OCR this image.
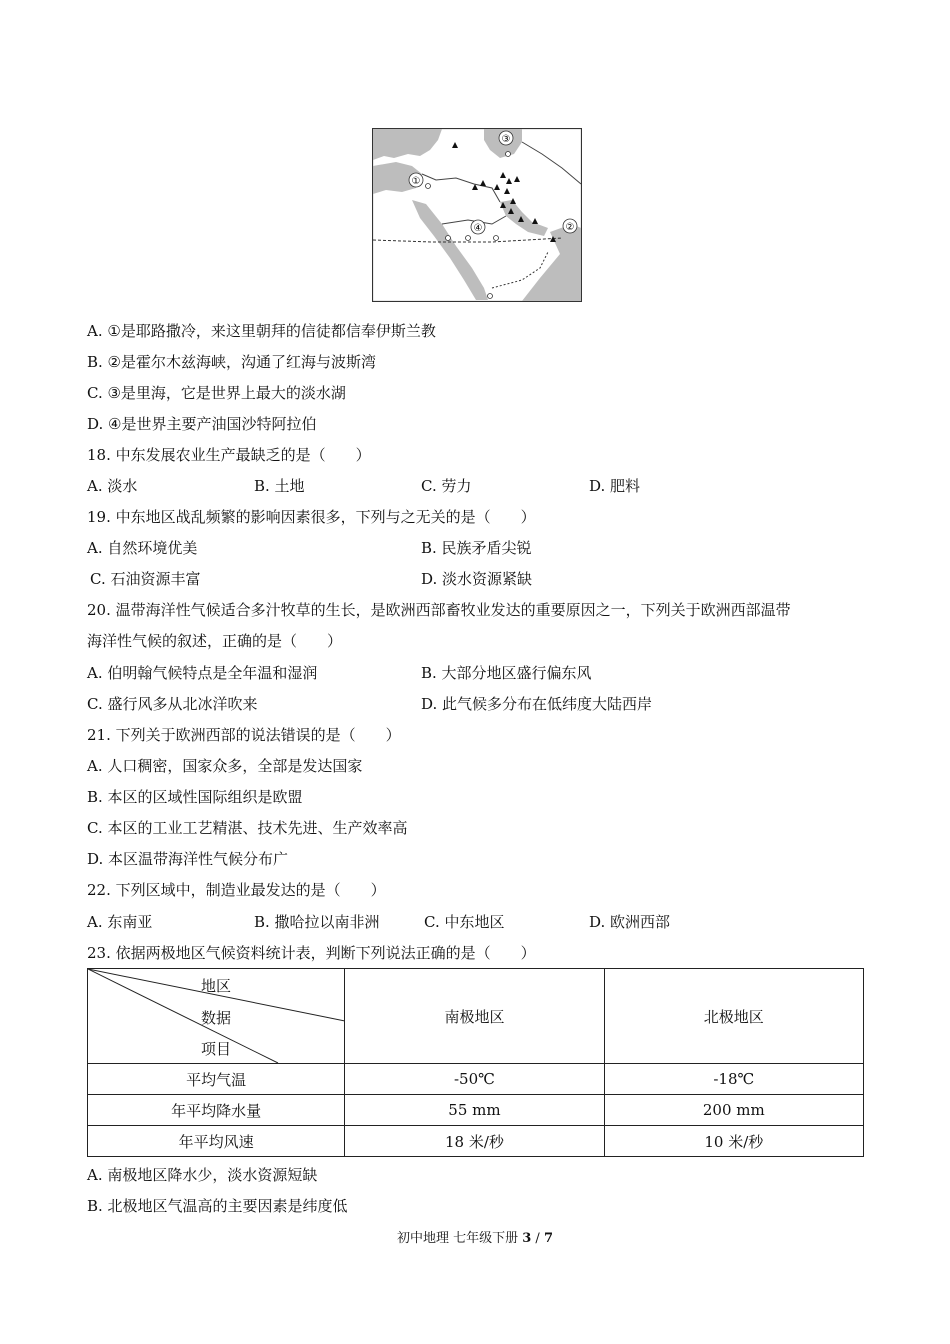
①
②
③
④
A. ①是耶路撒冷，来这里朝拜的信徒都信奉伊斯兰教
B. ②是霍尔木兹海峡，沟通了红海与波斯湾
C. ③是里海，它是世界上最大的淡水湖
D. ④是世界主要产油国沙特阿拉伯
18. 中东发展农业生产最缺乏的是（　　）
A. 淡水	B. 土地	C. 劳力	D. 肥料
19. 中东地区战乱频繁的影响因素很多，下列与之无关的是（　　）
A. 自然环境优美	B. 民族矛盾尖锐
C. 石油资源丰富	D. 淡水资源紧缺
20. 温带海洋性气候适合多汁牧草的生长，是欧洲西部畜牧业发达的重要原因之一，下列关于欧洲西部温带
海洋性气候的叙述，正确的是（　　）
A. 伯明翰气候特点是全年温和湿润	B. 大部分地区盛行偏东风
C. 盛行风多从北冰洋吹来	D. 此气候多分布在低纬度大陆西岸
21. 下列关于欧洲西部的说法错误的是（　　）
A. 人口稠密，国家众多，全部是发达国家
B. 本区的区域性国际组织是欧盟
C. 本区的工业工艺精湛、技术先进、生产效率高
D. 本区温带海洋性气候分布广
22. 下列区域中，制造业最发达的是（　　）
A. 东南亚	B. 撒哈拉以南非洲	C. 中东地区	D. 欧洲西部
23. 依据两极地区气候资料统计表，判断下列说法正确的是（　　）
地区
数据
项目	南极地区	北极地区
平均气温	-50℃	-18℃
年平均降水量	55 mm	200 mm
年平均风速	18 米/秒	10 米/秒
A. 南极地区降水少，淡水资源短缺
B. 北极地区气温高的主要因素是纬度低
初中地理 七年级下册 3 / 7
